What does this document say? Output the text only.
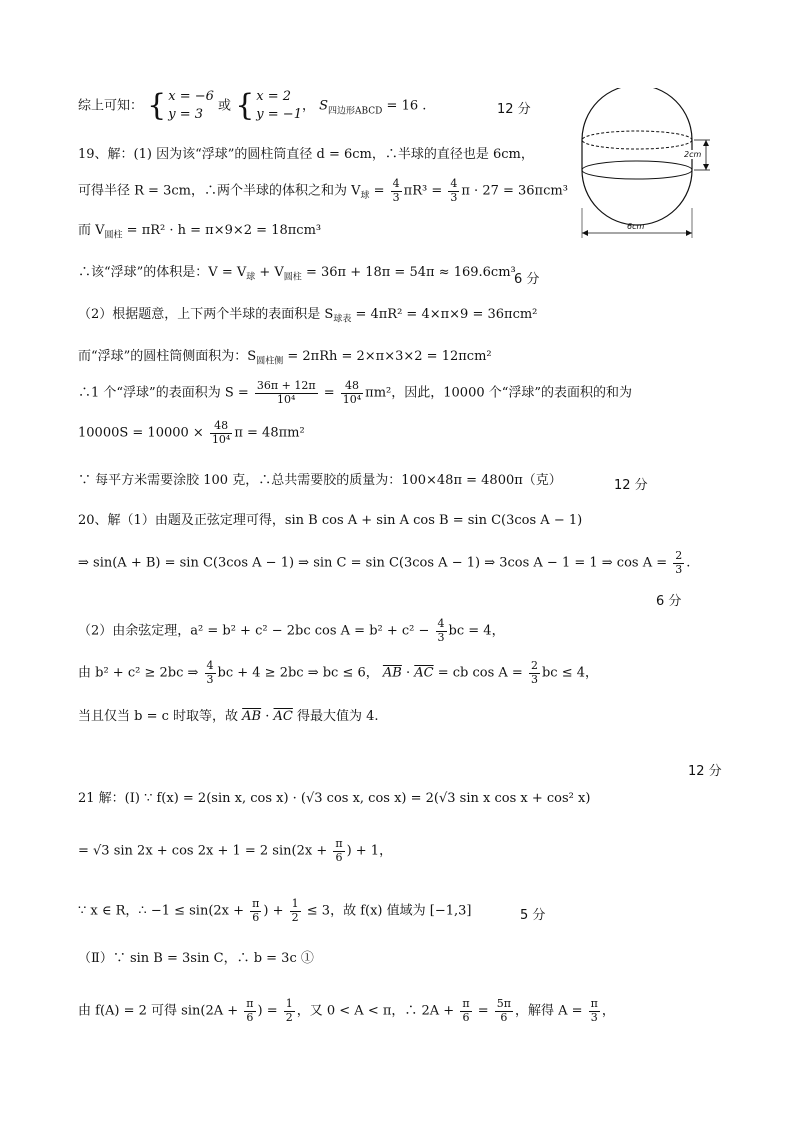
综上可知： { x = −6
y = 3 或 { x = 2
y = −1， $S_{四边形ABCD} = 16$ .	12 分
2cm
6cm
19、解：(1) 因为该“浮球”的圆柱筒直径 d = 6cm，∴半球的直径也是 6cm，
可得半径 R = 3cm，∴两个半球的体积之和为 $V_球 = \frac{4}{3} \pi R^3 = \frac{4}{3}$ π · 27 = 36πcm³
而 $V_{圆柱} = \pi R^2 \cdot h = \pi\times 9\times 2 = 18\pi cm^3$
∴该“浮球”的体积是：$V = V_球 + V_{圆柱} = 36\pi + 18\pi = 54\pi \approx 169.6cm^3$
6 分
（2）根据题意，上下两个半球的表面积是 $S_{球表} = 4\pi R^2 = 4\times\pi\times 9 = 36\pi cm^2$
而“浮球”的圆柱筒侧面积为：$S_{圆柱侧} = 2\pi Rh = 2\times\pi\times 3\times 2 = 12\pi cm^2$
∴1 个“浮球”的表面积为 $S = \frac{36\pi + 12\pi}{\text{10⁴}} = \frac{48}{\text{10⁴}} \pi m^2$，因此，10000 个“浮球”的表面积的和为
$10000S = 10000 \times \frac{48}{\text{10⁴}}$ π = 48πm²
∵ 每平方米需要涂胶 100 克，∴总共需要胶的质量为：100×48π = 4800π（克）	12 分
20、解（1）由题及正弦定理可得，sin B cos A + sin A cos B = sin C(3cos A − 1)
⇒ sin(A + B) = sin C(3cos A − 1) ⇒ sin C = sin C(3cos A − 1) ⇒ 3cos A − 1 = 1 ⇒ $\cos A = \frac{2}{3}$ .
6 分
（2）由余弦定理，a² = b² + c² − 2bc $\cos A = b^2 + c^2 - \frac{4}{3}$ bc = 4，
由 b² + c² ≥ 2bc ⇒ $\frac{4}{3}$ bc + 4 ≥ 2bc ⇒ bc ≤ 6， $\overline{AB} \cdot \overline{AC}$ = cb $\cos A = \frac{2}{3}$ bc ≤ 4，
当且仅当 b = c 时取等，故 $\overline{AB} \cdot \overline{AC}$ 得最大值为 4.
12 分
21 解：(Ⅰ) ∵ f(x) = 2(sin x, cos x) · (√3 cos x, cos x) = 2(√3 sin x cos x + cos² x)
= √3 sin 2x + cos 2x + 1 = 2 $\sin(2x + \frac{\pi}{6}$ ) + 1，
∵ x ∈ R，∴ $-1 \le \sin(2x + \frac{\pi}{6}$ ) + $\frac{1}{2} \le 3$，故 f(x) 值域为 [−1,3]	5 分
（Ⅱ）∵ sin B = 3sin C，∴ b = 3c ①
由 f(A) = 2 可得 $\sin(2A + \frac{\pi}{6}$ ) = $\frac{1}{2}$ ，又 0 < A < π，∴ $2A + \frac{\pi}{6} = \frac{5\pi}{6}$ ，解得 $A = \frac{\pi}{3}$ ，
